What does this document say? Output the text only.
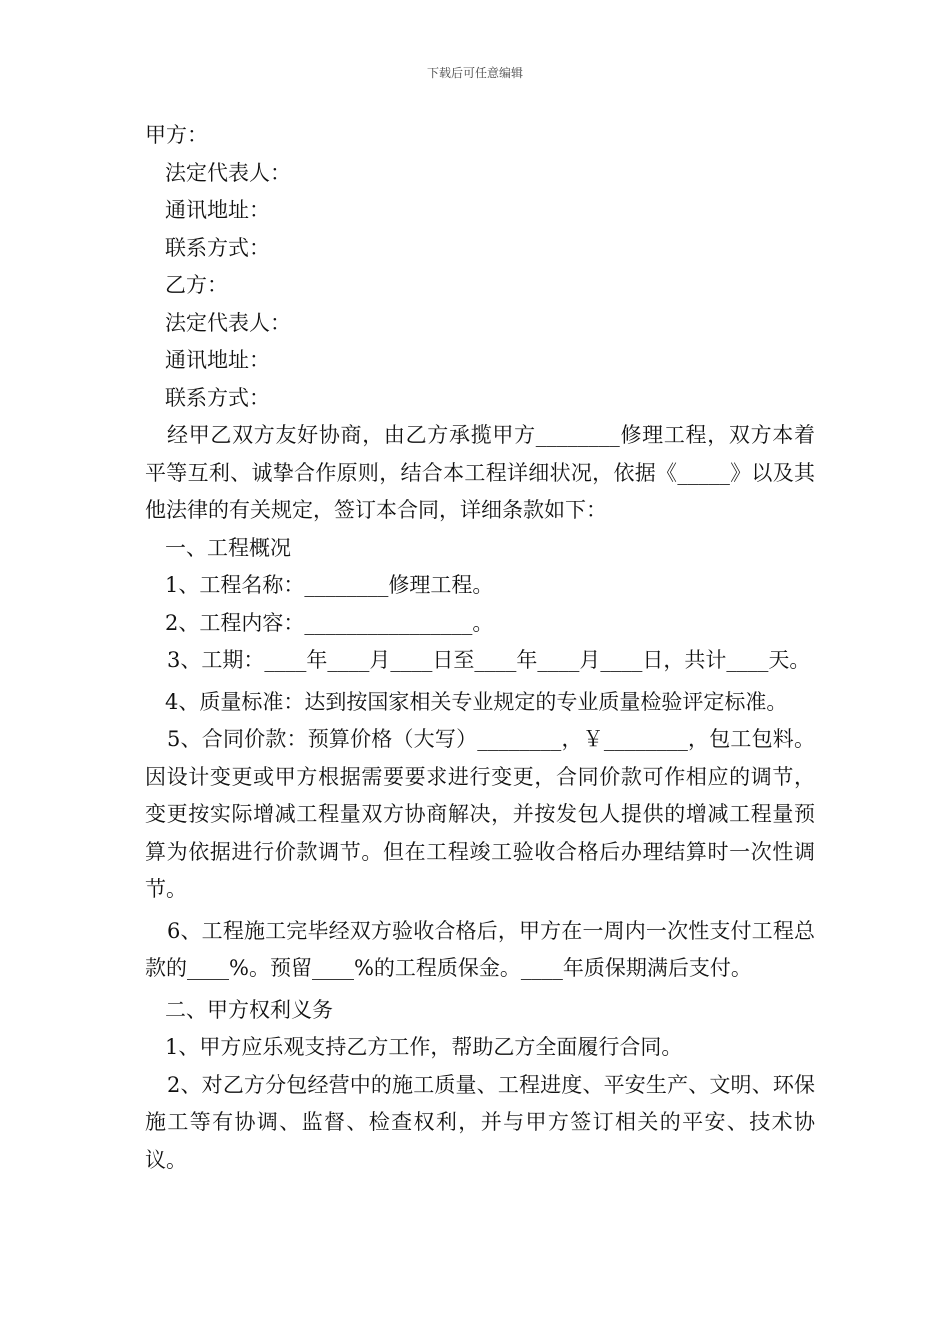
下载后可任意编辑
甲方：
法定代表人：
通讯地址：
联系方式：
乙方：
法定代表人：
通讯地址：
联系方式：
经甲乙双方友好协商，由乙方承揽甲方________修理工程，双方本着平等互利、诚挚合作原则，结合本工程详细状况，依据《_____》以及其他法律的有关规定，签订本合同，详细条款如下：
一、工程概况
1、工程名称：________修理工程。
2、工程内容：________________。
3、工期：____年____月____日至____年____月____日，共计____天。
4、质量标准：达到按国家相关专业规定的专业质量检验评定标准。
5、合同价款：预算价格（大写）________，￥________，包工包料。因设计变更或甲方根据需要要求进行变更，合同价款可作相应的调节，变更按实际增减工程量双方协商解决，并按发包人提供的增减工程量预算为依据进行价款调节。但在工程竣工验收合格后办理结算时一次性调节。
6、工程施工完毕经双方验收合格后，甲方在一周内一次性支付工程总款的____%。预留____%的工程质保金。____年质保期满后支付。
二、甲方权利义务
1、甲方应乐观支持乙方工作，帮助乙方全面履行合同。
2、对乙方分包经营中的施工质量、工程进度、平安生产、文明、环保施工等有协调、监督、检查权利，并与甲方签订相关的平安、技术协议。
